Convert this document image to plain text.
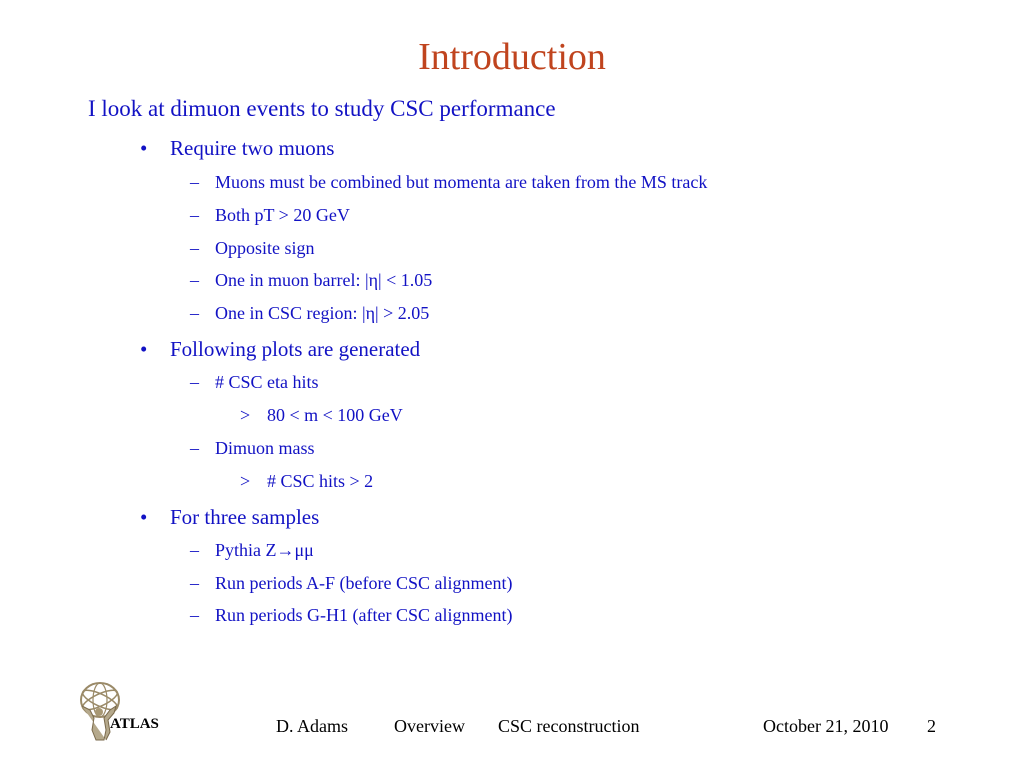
Introduction
I look at dimuon events to study CSC performance
• Require two muons
– Muons must be combined but momenta are taken from the MS track
– Both pT > 20 GeV
– Opposite sign
– One in muon barrel: |η| < 1.05
– One in CSC region: |η| > 2.05
• Following plots are generated
– # CSC eta hits
> 80 < m < 100 GeV
– Dimuon mass
> # CSC hits > 2
• For three samples
– Pythia Z→μμ
– Run periods A-F (before CSC alignment)
– Run periods G-H1 (after CSC alignment)
ATLAS	D. Adams	Overview CSC reconstruction	October 21, 2010 2
